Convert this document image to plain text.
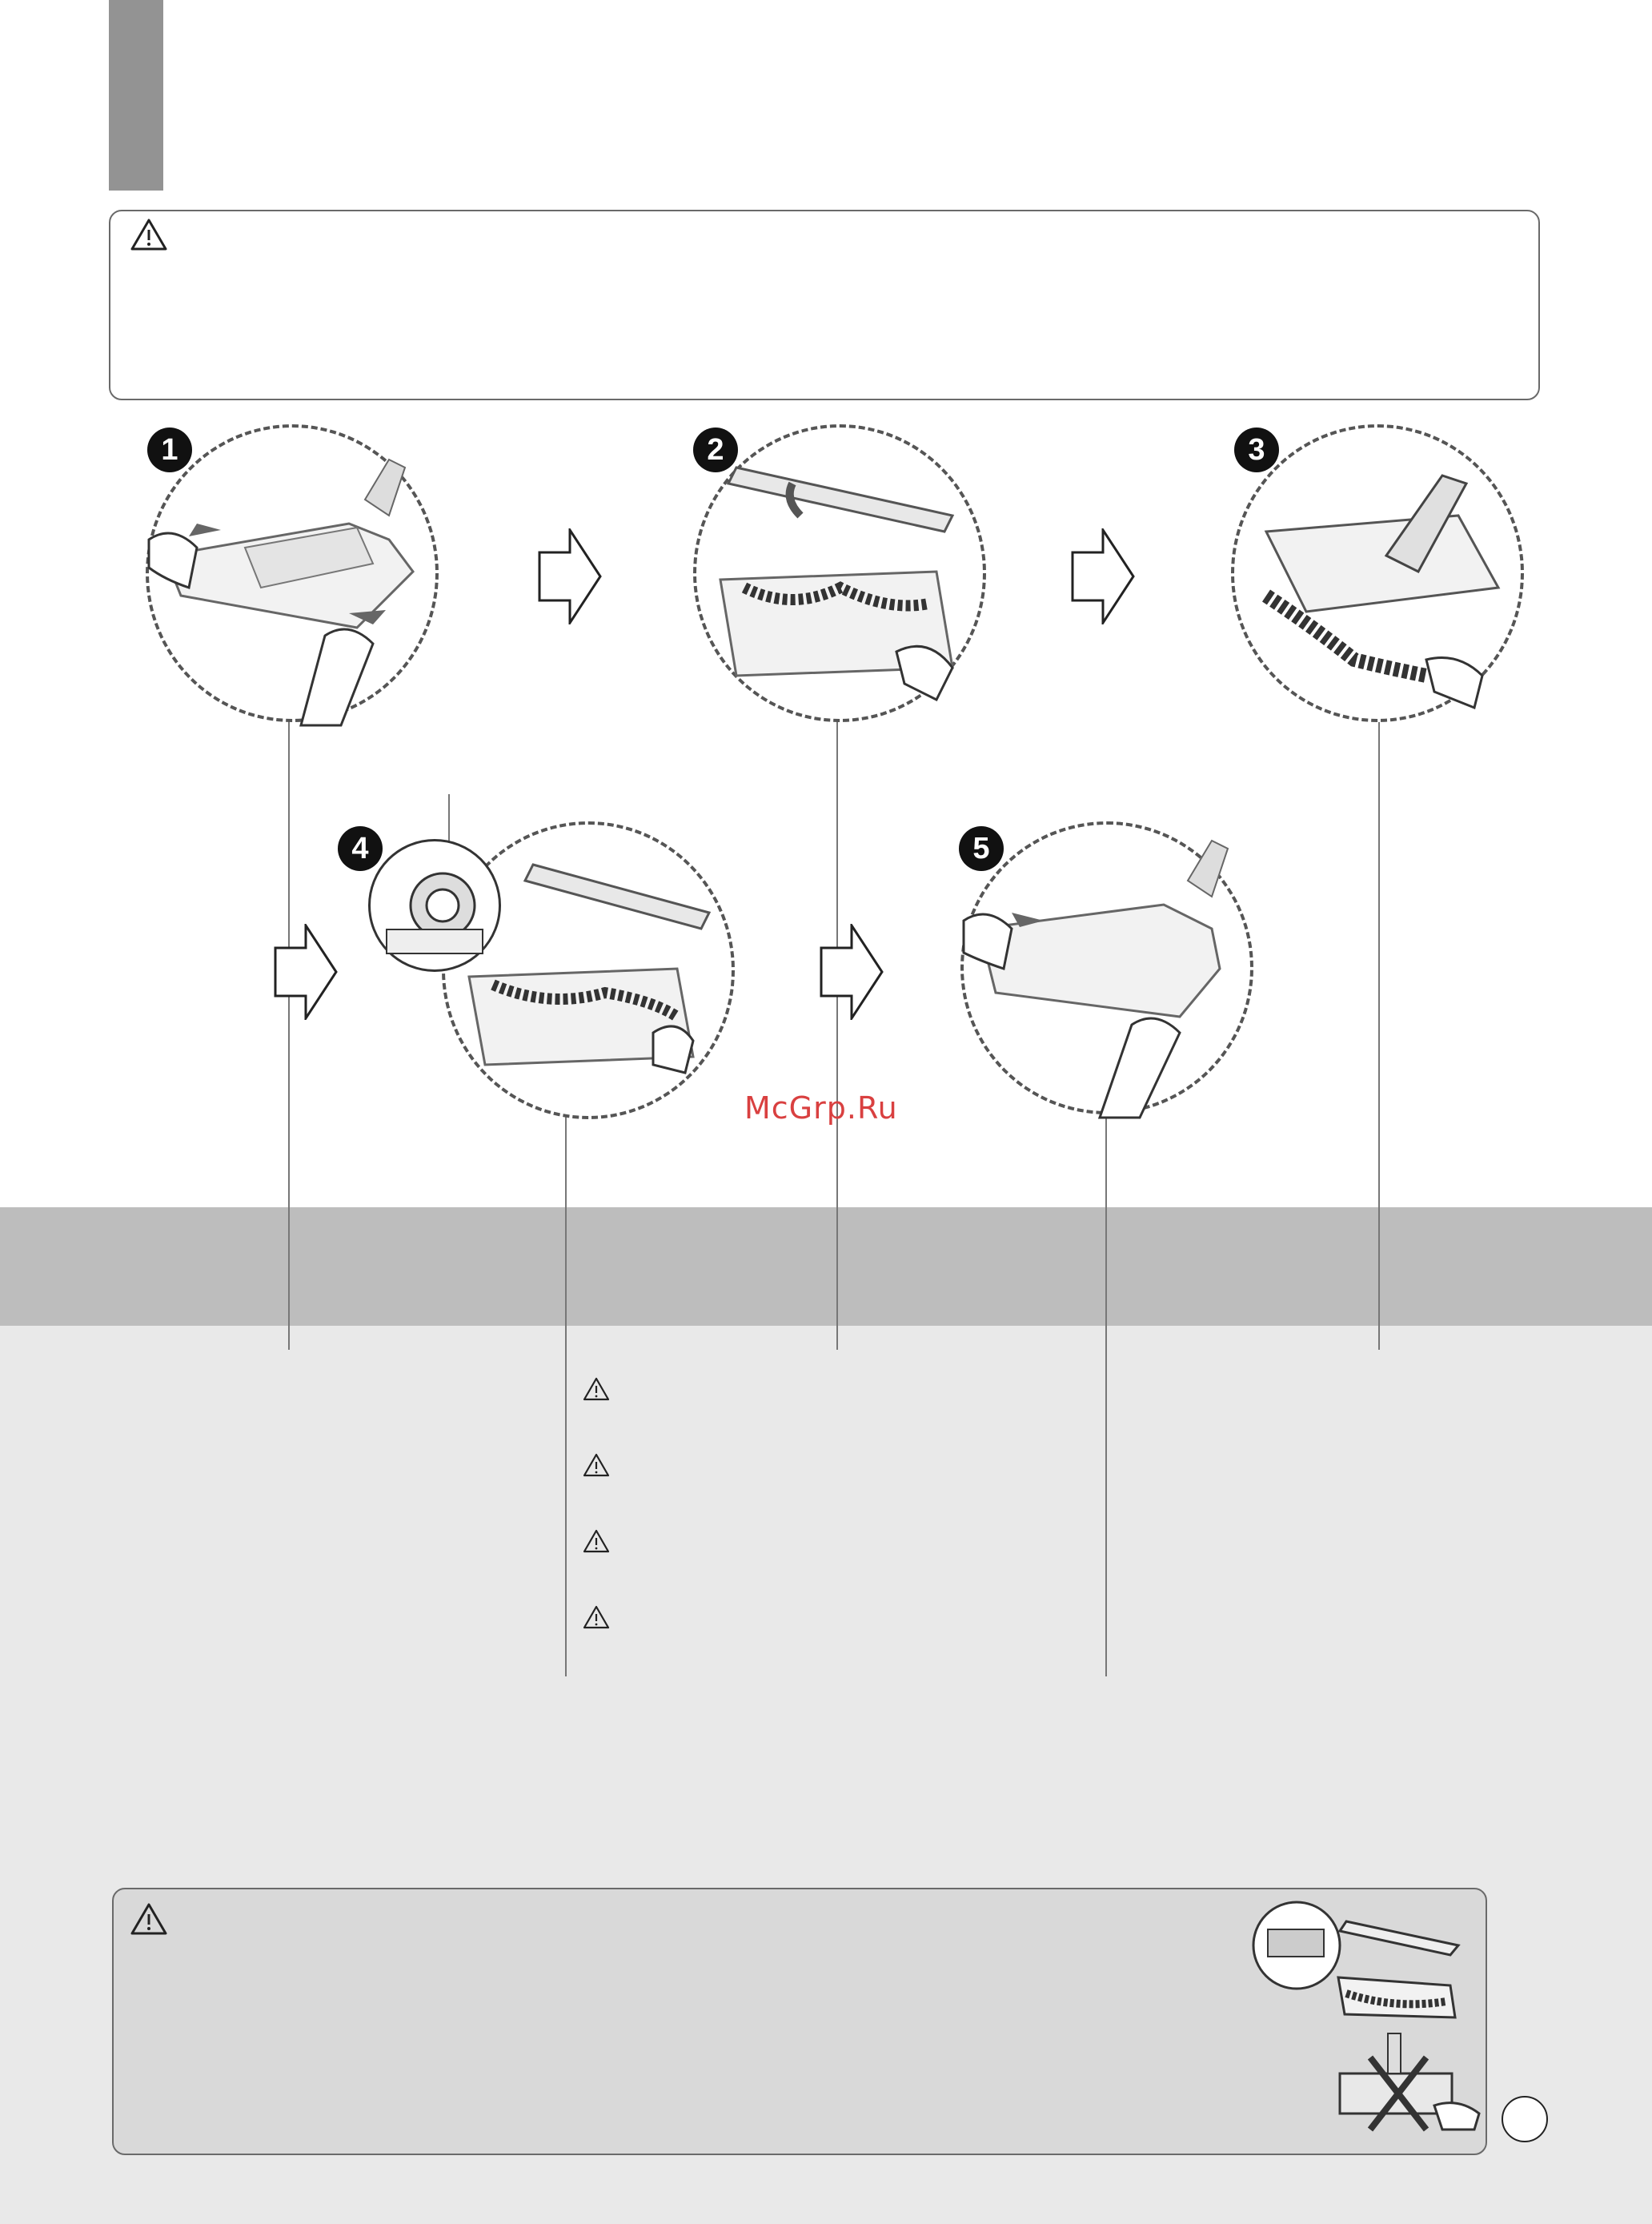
1	2	3
4	5
McGrp.Ru
